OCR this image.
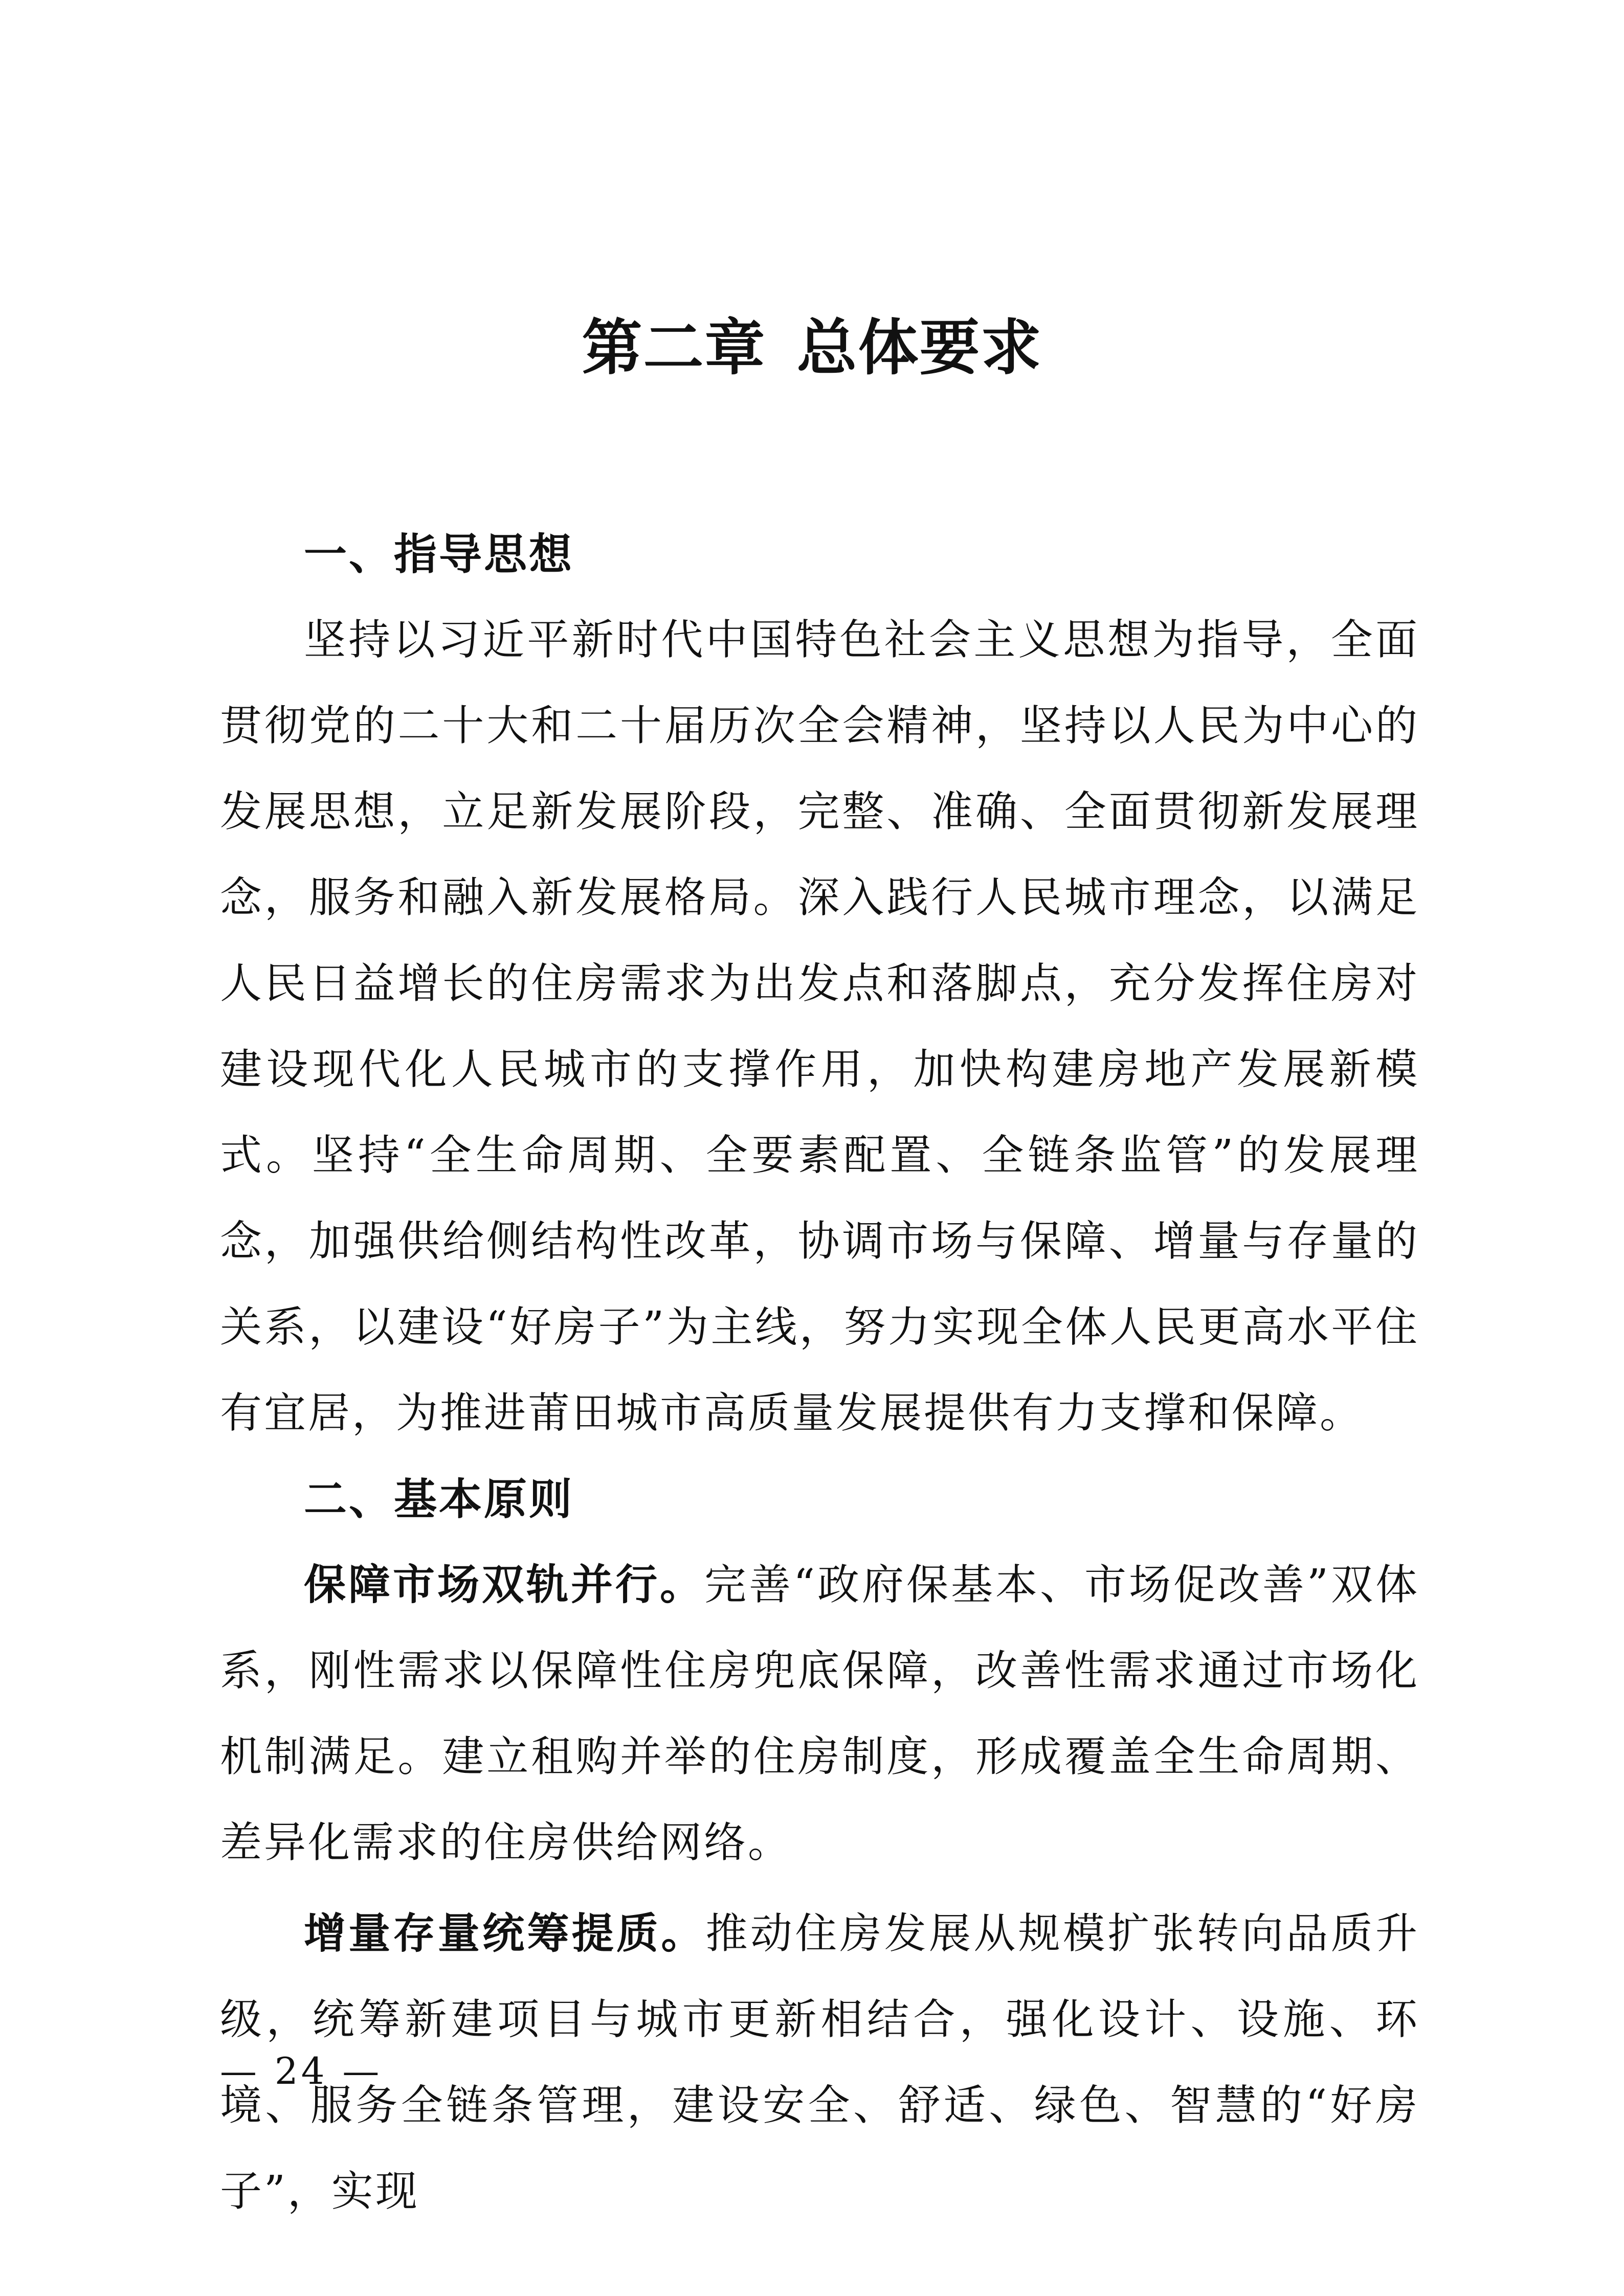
第二章 总体要求
一、指导思想

坚持以习近平新时代中国特色社会主义思想为指导，全面贯彻党的二十大和二十届历次全会精神，坚持以人民为中心的发展思想，立足新发展阶段，完整、准确、全面贯彻新发展理念，服务和融入新发展格局。深入践行人民城市理念，以满足人民日益增长的住房需求为出发点和落脚点，充分发挥住房对建设现代化人民城市的支撑作用，加快构建房地产发展新模式。坚持“全生命周期、全要素配置、全链条监管”的发展理念，加强供给侧结构性改革，协调市场与保障、增量与存量的关系，以建设“好房子”为主线，努力实现全体人民更高水平住有宜居，为推进莆田城市高质量发展提供有力支撑和保障。

二、基本原则

保障市场双轨并行。完善“政府保基本、市场促改善”双体系，刚性需求以保障性住房兜底保障，改善性需求通过市场化机制满足。建立租购并举的住房制度，形成覆盖全生命周期、差异化需求的住房供给网络。

增量存量统筹提质。推动住房发展从规模扩张转向品质升级，统筹新建项目与城市更新相结合，强化设计、设施、环境、服务全链条管理，建设安全、舒适、绿色、智慧的“好房子”，实现

— 24 —
